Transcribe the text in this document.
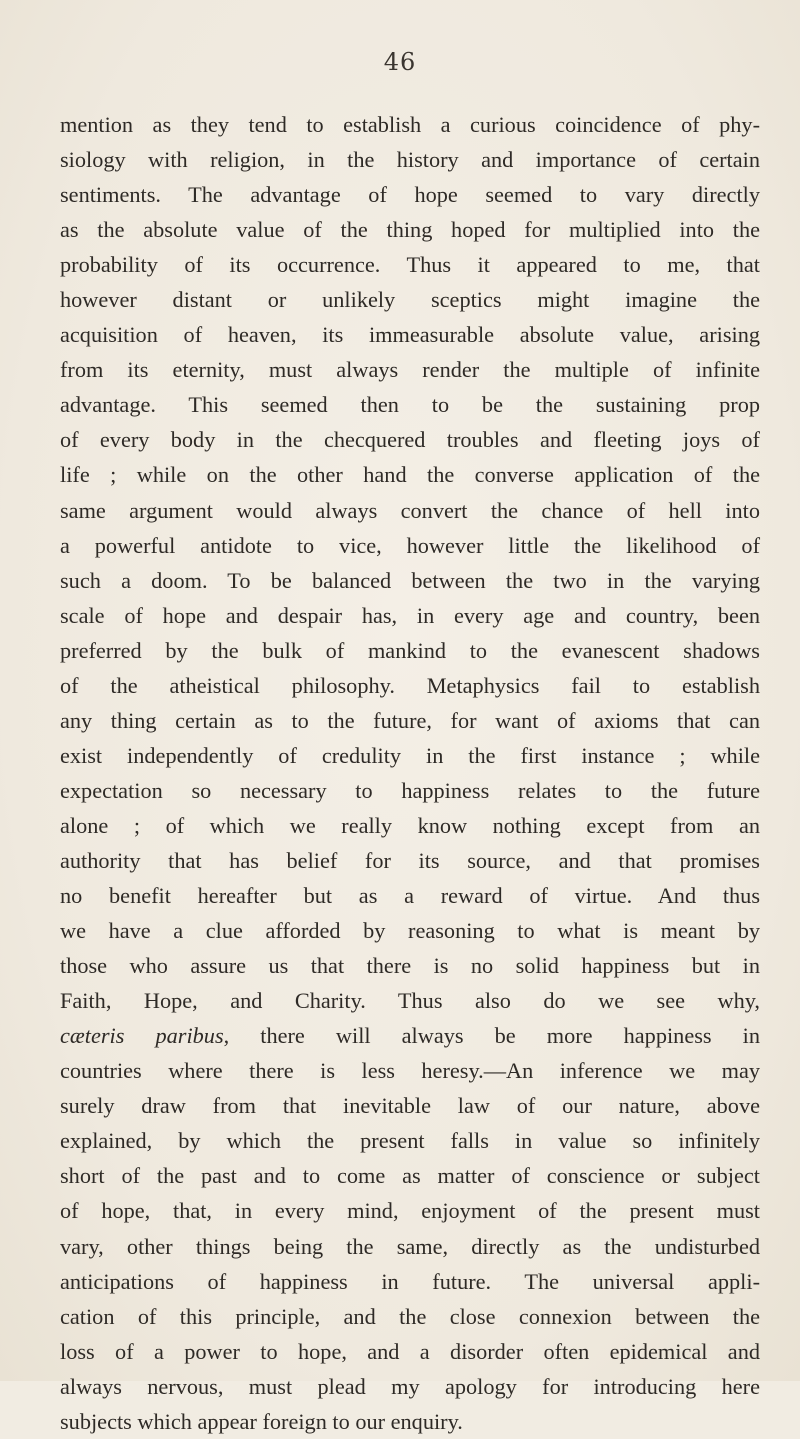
46
mention as they tend to establish a curious coincidence of phy-
siology with religion, in the history and importance of certain
sentiments. The advantage of hope seemed to vary directly
as the absolute value of the thing hoped for multiplied into the
probability of its occurrence. Thus it appeared to me, that
however distant or unlikely sceptics might imagine the
acquisition of heaven, its immeasurable absolute value, arising
from its eternity, must always render the multiple of infinite
advantage. This seemed then to be the sustaining prop
of every body in the checquered troubles and fleeting joys of
life ; while on the other hand the converse application of the
same argument would always convert the chance of hell into
a powerful antidote to vice, however little the likelihood of
such a doom. To be balanced between the two in the varying
scale of hope and despair has, in every age and country, been
preferred by the bulk of mankind to the evanescent shadows
of the atheistical philosophy. Metaphysics fail to establish
any thing certain as to the future, for want of axioms that can
exist independently of credulity in the first instance ; while
expectation so necessary to happiness relates to the future
alone ; of which we really know nothing except from an
authority that has belief for its source, and that promises
no benefit hereafter but as a reward of virtue. And thus
we have a clue afforded by reasoning to what is meant by
those who assure us that there is no solid happiness but in
Faith, Hope, and Charity. Thus also do we see why,
cæteris paribus, there will always be more happiness in
countries where there is less heresy.—An inference we may
surely draw from that inevitable law of our nature, above
explained, by which the present falls in value so infinitely
short of the past and to come as matter of conscience or subject
of hope, that, in every mind, enjoyment of the present must
vary, other things being the same, directly as the undisturbed
anticipations of happiness in future. The universal appli-
cation of this principle, and the close connexion between the
loss of a power to hope, and a disorder often epidemical and
always nervous, must plead my apology for introducing here
subjects which appear foreign to our enquiry.
